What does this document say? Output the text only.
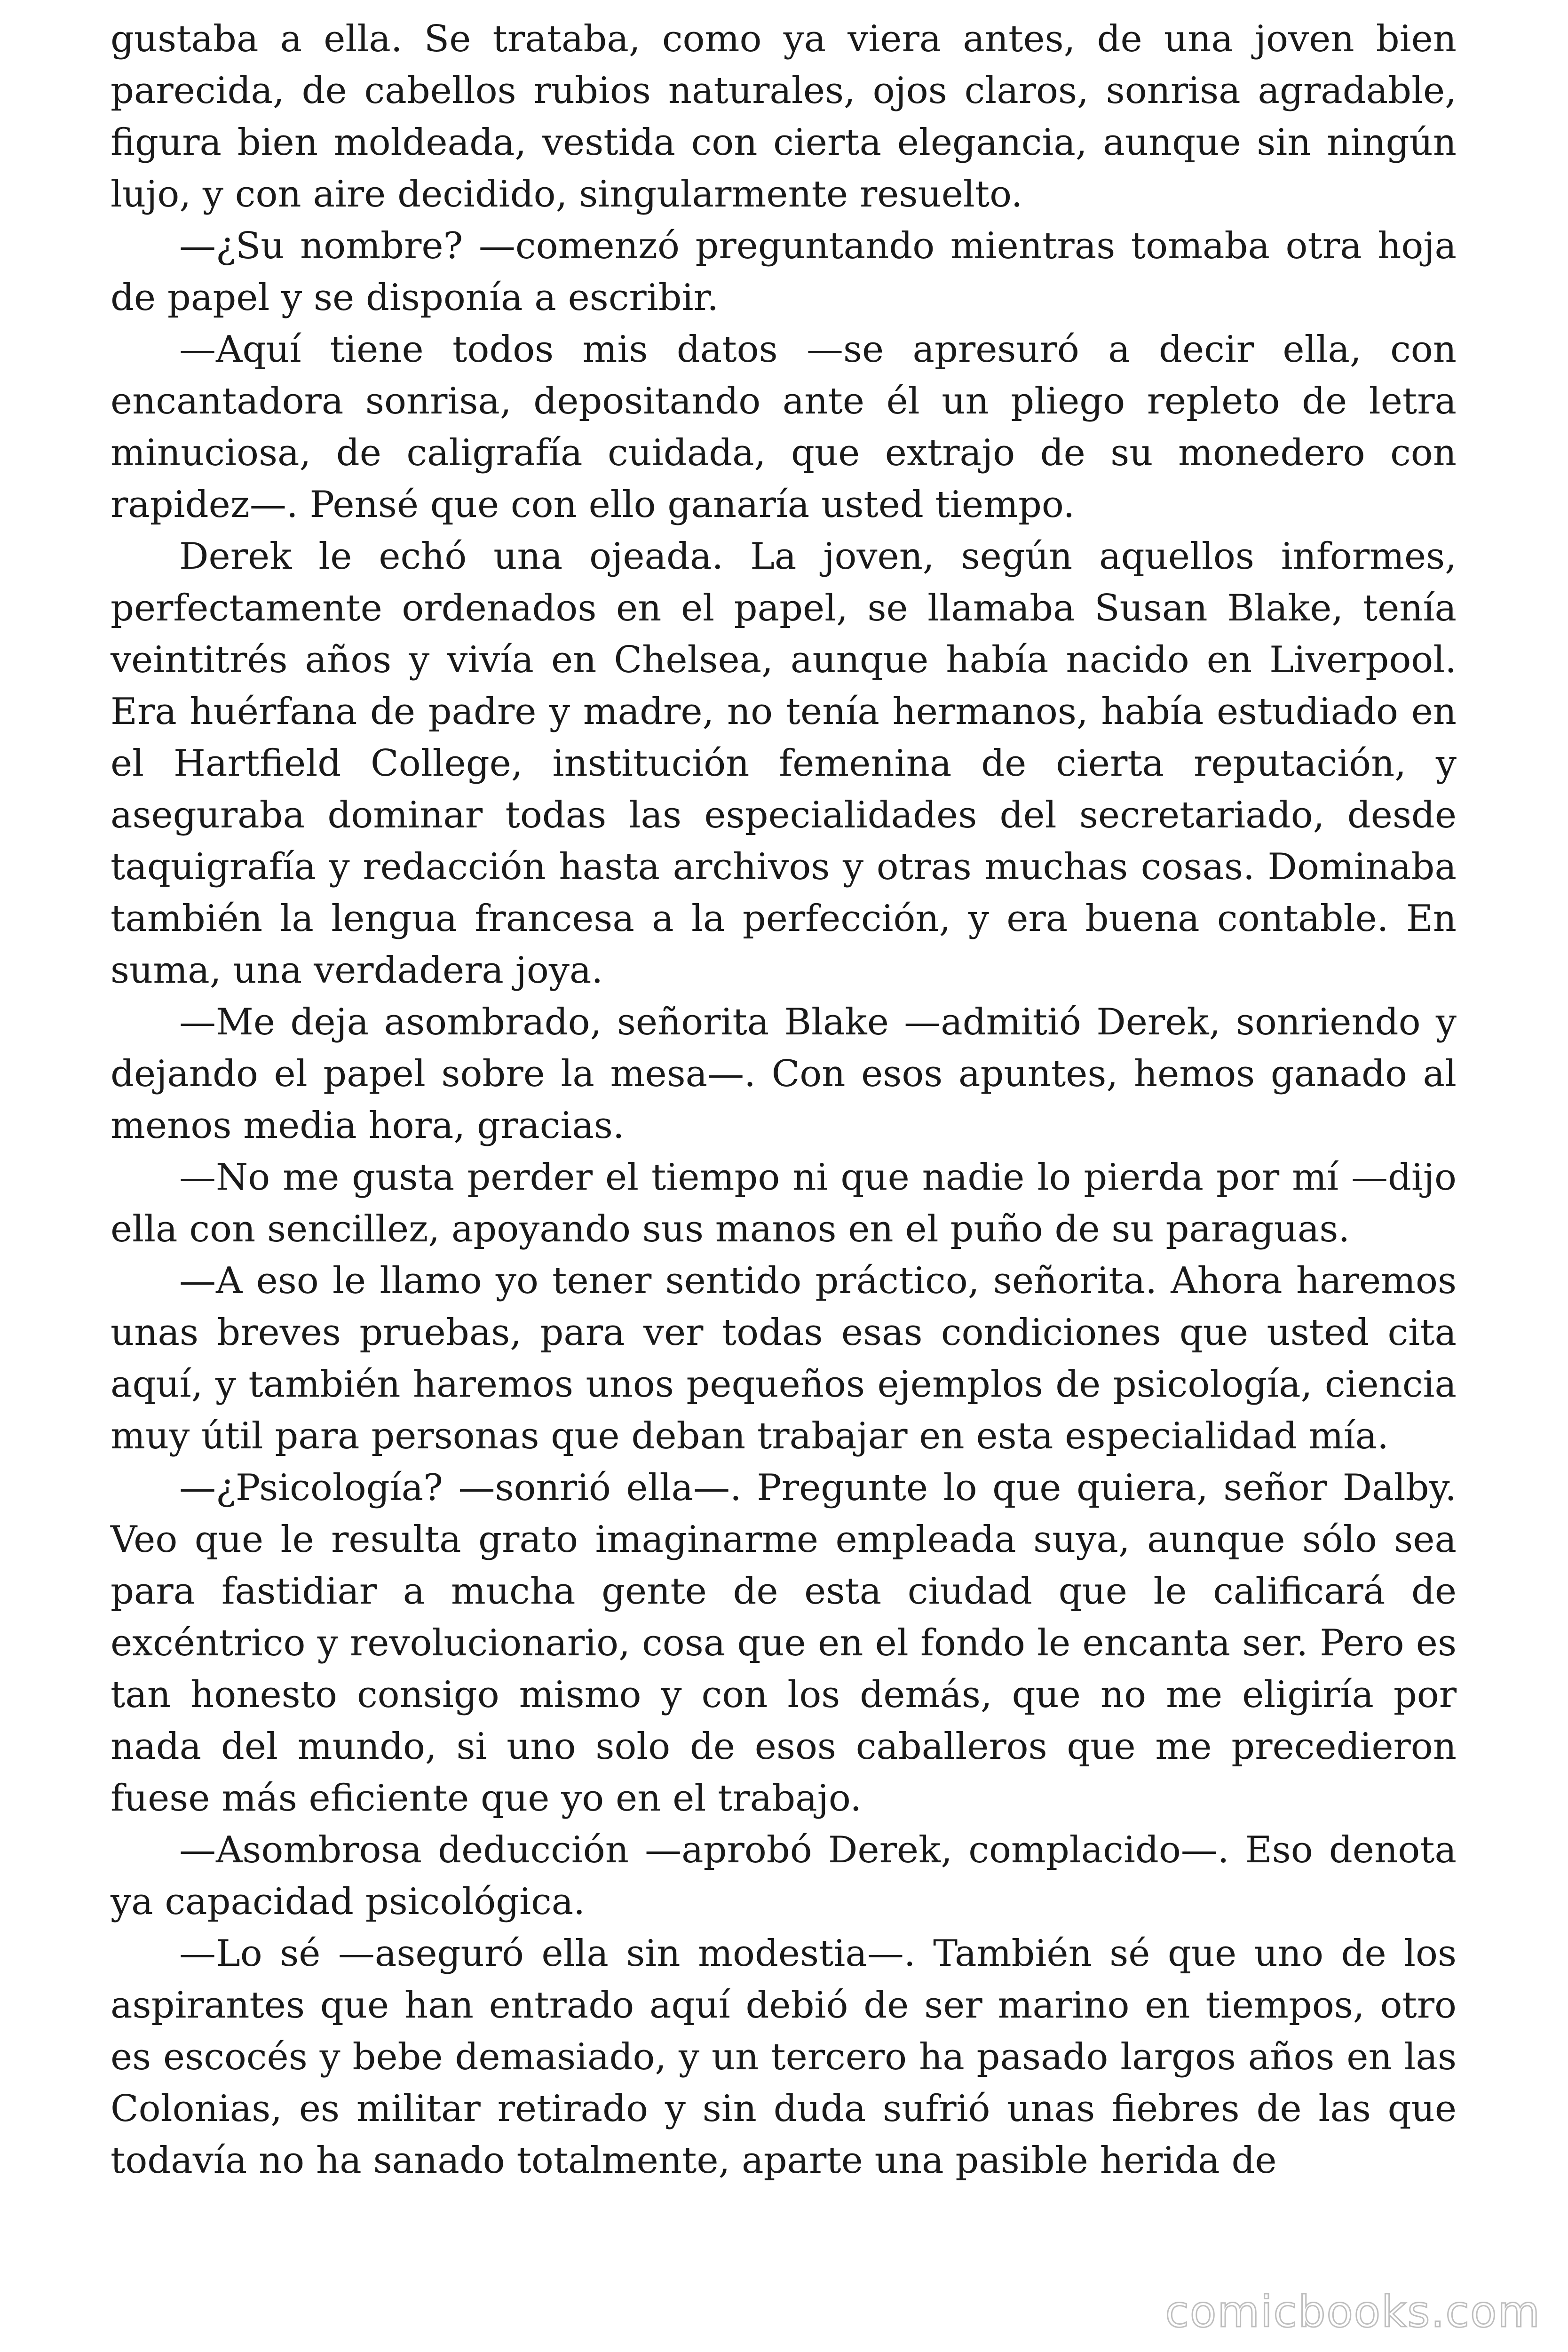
gustaba a ella. Se trataba, como ya viera antes, de una joven bien parecida, de cabellos rubios naturales, ojos claros, sonrisa agradable, figura bien moldeada, vestida con cierta elegancia, aunque sin ningún lujo, y con aire decidido, singularmente resuelto.

—¿Su nombre? —comenzó preguntando mientras tomaba otra hoja de papel y se disponía a escribir.

—Aquí tiene todos mis datos —se apresuró a decir ella, con encantadora sonrisa, depositando ante él un pliego repleto de letra minuciosa, de caligrafía cuidada, que extrajo de su monedero con rapidez—. Pensé que con ello ganaría usted tiempo.

Derek le echó una ojeada. La joven, según aquellos informes, perfectamente ordenados en el papel, se llamaba Susan Blake, tenía veintitrés años y vivía en Chelsea, aunque había nacido en Liverpool. Era huérfana de padre y madre, no tenía hermanos, había estudiado en el Hartfield College, institución femenina de cierta reputación, y aseguraba dominar todas las especialidades del secretariado, desde taquigrafía y redacción hasta archivos y otras muchas cosas. Dominaba también la lengua francesa a la perfección, y era buena contable. En suma, una verdadera joya.

—Me deja asombrado, señorita Blake —admitió Derek, sonriendo y dejando el papel sobre la mesa—. Con esos apuntes, hemos ganado al menos media hora, gracias.

—No me gusta perder el tiempo ni que nadie lo pierda por mí —dijo ella con sencillez, apoyando sus manos en el puño de su paraguas.

—A eso le llamo yo tener sentido práctico, señorita. Ahora haremos unas breves pruebas, para ver todas esas condiciones que usted cita aquí, y también haremos unos pequeños ejemplos de psicología, ciencia muy útil para personas que deban trabajar en esta especialidad mía.

—¿Psicología? —sonrió ella—. Pregunte lo que quiera, señor Dalby. Veo que le resulta grato imaginarme empleada suya, aunque sólo sea para fastidiar a mucha gente de esta ciudad que le calificará de excéntrico y revolucionario, cosa que en el fondo le encanta ser. Pero es tan honesto consigo mismo y con los demás, que no me eligiría por nada del mundo, si uno solo de esos caballeros que me precedieron fuese más eficiente que yo en el trabajo.

—Asombrosa deducción —aprobó Derek, complacido—. Eso denota ya capacidad psicológica.

—Lo sé —aseguró ella sin modestia—. También sé que uno de los aspirantes que han entrado aquí debió de ser marino en tiempos, otro es escocés y bebe demasiado, y un tercero ha pasado largos años en las Colonias, es militar retirado y sin duda sufrió unas fiebres de las que todavía no ha sanado totalmente, aparte una pasible herida de

comicbooks.com
